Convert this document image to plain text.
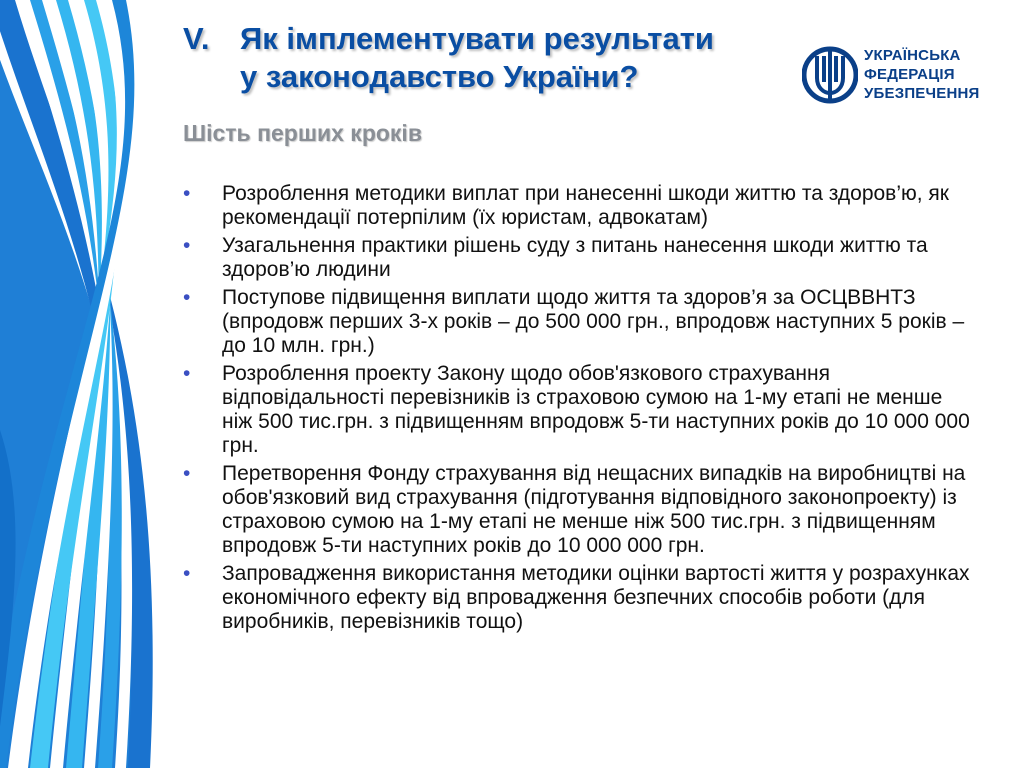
V. Як імплементувати результати
у законодавство України?
Шість перших кроків
УКРАЇНСЬКА
ФЕДЕРАЦІЯ
УБЕЗПЕЧЕННЯ
• Розроблення методики виплат при нанесенні шкоди життю та здоров’ю, як рекомендації потерпілим (їх юристам, адвокатам)
• Узагальнення практики рішень суду з питань нанесення шкоди життю та здоров’ю людини
• Поступове підвищення виплати щодо життя та здоров’я за ОСЦВВНТЗ (впродовж перших 3-х років – до 500 000 грн., впродовж наступних 5 років – до 10 млн. грн.)
• Розроблення проекту Закону щодо обов'язкового страхування відповідальності перевізників із страховою сумою на 1-му етапі не менше ніж 500 тис.грн. з підвищенням впродовж 5-ти наступних років до 10 000 000 грн.
• Перетворення Фонду страхування від нещасних випадків на виробництві на обов'язковий вид страхування (підготування відповідного законопроекту) із страховою сумою на 1-му етапі не менше ніж 500 тис.грн. з підвищенням впродовж 5-ти наступних років до 10 000 000 грн.
• Запровадження використання методики оцінки вартості життя у розрахунках економічного ефекту від впровадження безпечних способів роботи (для виробників, перевізників тощо)
